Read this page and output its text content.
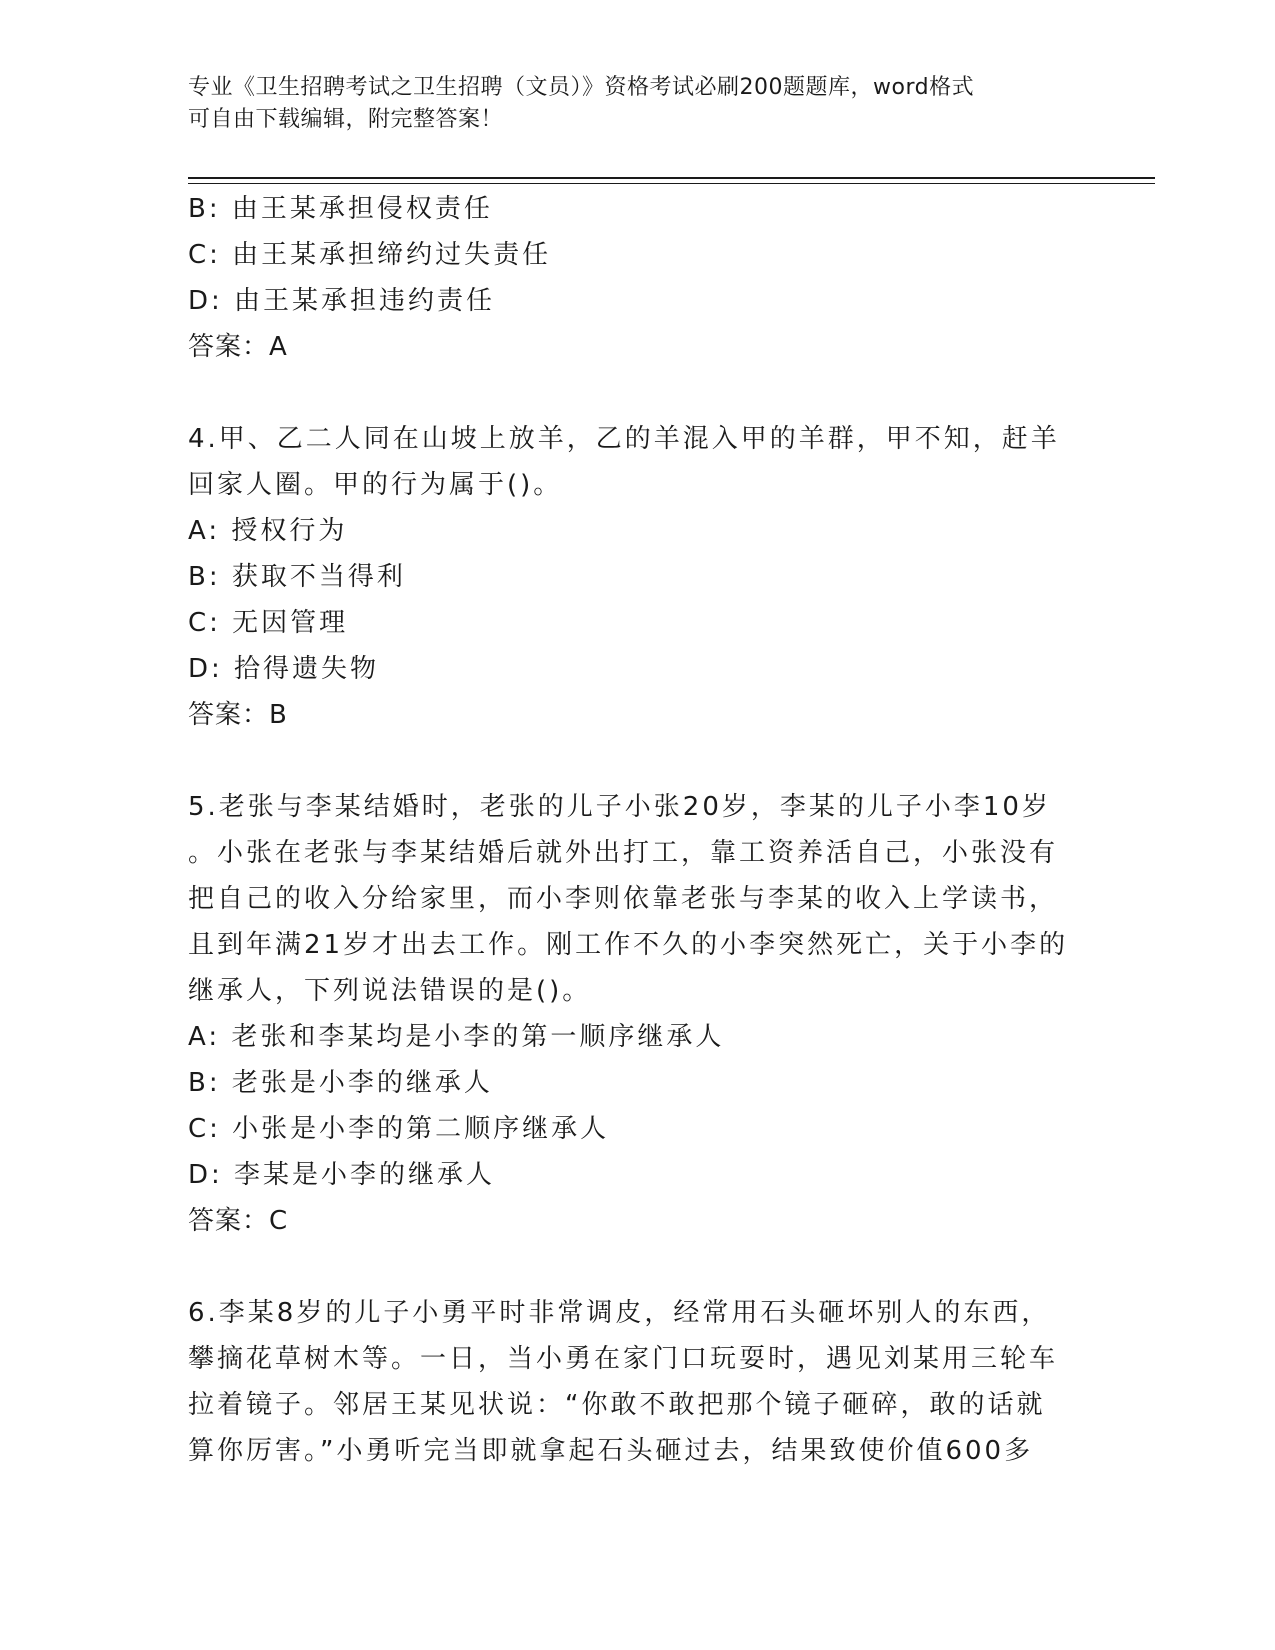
专业《卫生招聘考试之卫生招聘（文员）》资格考试必刷200题题库，word格式
可自由下载编辑，附完整答案！
B: 由王某承担侵权责任
C: 由王某承担缔约过失责任
D: 由王某承担违约责任
答案：A
4.甲、乙二人同在山坡上放羊，乙的羊混入甲的羊群，甲不知，赶羊
回家人圈。甲的行为属于()。
A: 授权行为
B: 获取不当得利
C: 无因管理
D: 拾得遗失物
答案：B
5.老张与李某结婚时，老张的儿子小张20岁，李某的儿子小李10岁
。小张在老张与李某结婚后就外出打工，靠工资养活自己，小张没有
把自己的收入分给家里，而小李则依靠老张与李某的收入上学读书，
且到年满21岁才出去工作。刚工作不久的小李突然死亡，关于小李的
继承人，下列说法错误的是()。
A: 老张和李某均是小李的第一顺序继承人
B: 老张是小李的继承人
C: 小张是小李的第二顺序继承人
D: 李某是小李的继承人
答案：C
6.李某8岁的儿子小勇平时非常调皮，经常用石头砸坏别人的东西，
攀摘花草树木等。一日，当小勇在家门口玩耍时，遇见刘某用三轮车
拉着镜子。邻居王某见状说：“你敢不敢把那个镜子砸碎，敢的话就
算你厉害。”小勇听完当即就拿起石头砸过去，结果致使价值600多
